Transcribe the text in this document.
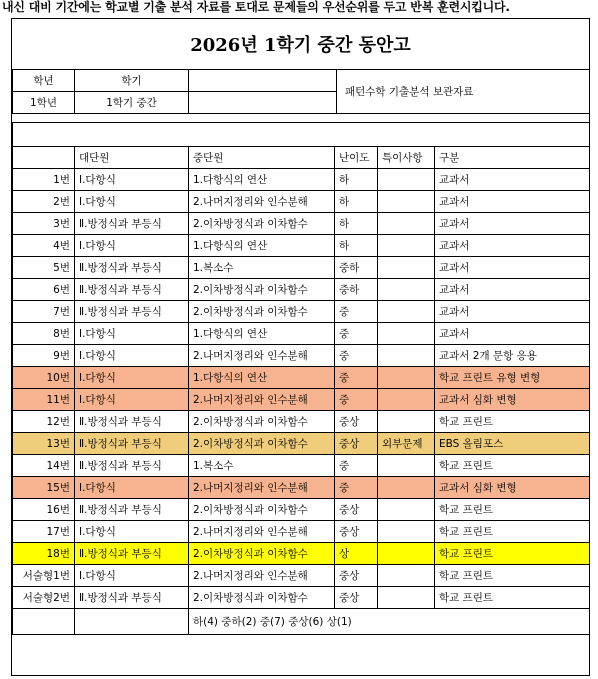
내신 대비 기간에는 학교별 기출 분석 자료를 토대로 문제들의 우선순위를 두고 반복 훈련시킵니다.
2026년 1학기 중간 동안고
학년	학기		패턴수학 기출분석 보관자료
1학년	1학기 중간		

	대단원	중단원	난이도	특이사항	구분
1번	Ⅰ.다항식	1.다항식의 연산	하		교과서
2번	Ⅰ.다항식	2.나머지정리와 인수분해	하		교과서
3번	Ⅱ.방정식과 부등식	2.이차방정식과 이차함수	하		교과서
4번	Ⅰ.다항식	1.다항식의 연산	하		교과서
5번	Ⅱ.방정식과 부등식	1.복소수	중하		교과서
6번	Ⅱ.방정식과 부등식	2.이차방정식과 이차함수	중하		교과서
7번	Ⅱ.방정식과 부등식	2.이차방정식과 이차함수	중		교과서
8번	Ⅰ.다항식	1.다항식의 연산	중		교과서
9번	Ⅰ.다항식	2.나머지정리와 인수분해	중		교과서 2개 문항 응용
10번	Ⅰ.다항식	1.다항식의 연산	중		학교 프린트 유형 변형
11번	Ⅰ.다항식	2.나머지정리와 인수분해	중		교과서 심화 변형
12번	Ⅱ.방정식과 부등식	2.이차방정식과 이차함수	중상		학교 프린트
13번	Ⅱ.방정식과 부등식	2.이차방정식과 이차함수	중상	외부문제	EBS 올림포스
14번	Ⅱ.방정식과 부등식	1.복소수	중		학교 프린트
15번	Ⅰ.다항식	2.나머지정리와 인수분해	중		교과서 심화 변형
16번	Ⅱ.방정식과 부등식	2.이차방정식과 이차함수	중상		학교 프린트
17번	Ⅰ.다항식	2.나머지정리와 인수분해	중상		학교 프린트
18번	Ⅱ.방정식과 부등식	2.이차방정식과 이차함수	상		학교 프린트
서술형1번	Ⅰ.다항식	2.나머지정리와 인수분해	중상		학교 프린트
서술형2번	Ⅱ.방정식과 부등식	2.이차방정식과 이차함수	중상		학교 프린트
		하(4) 중하(2) 중(7) 중상(6) 상(1)			
